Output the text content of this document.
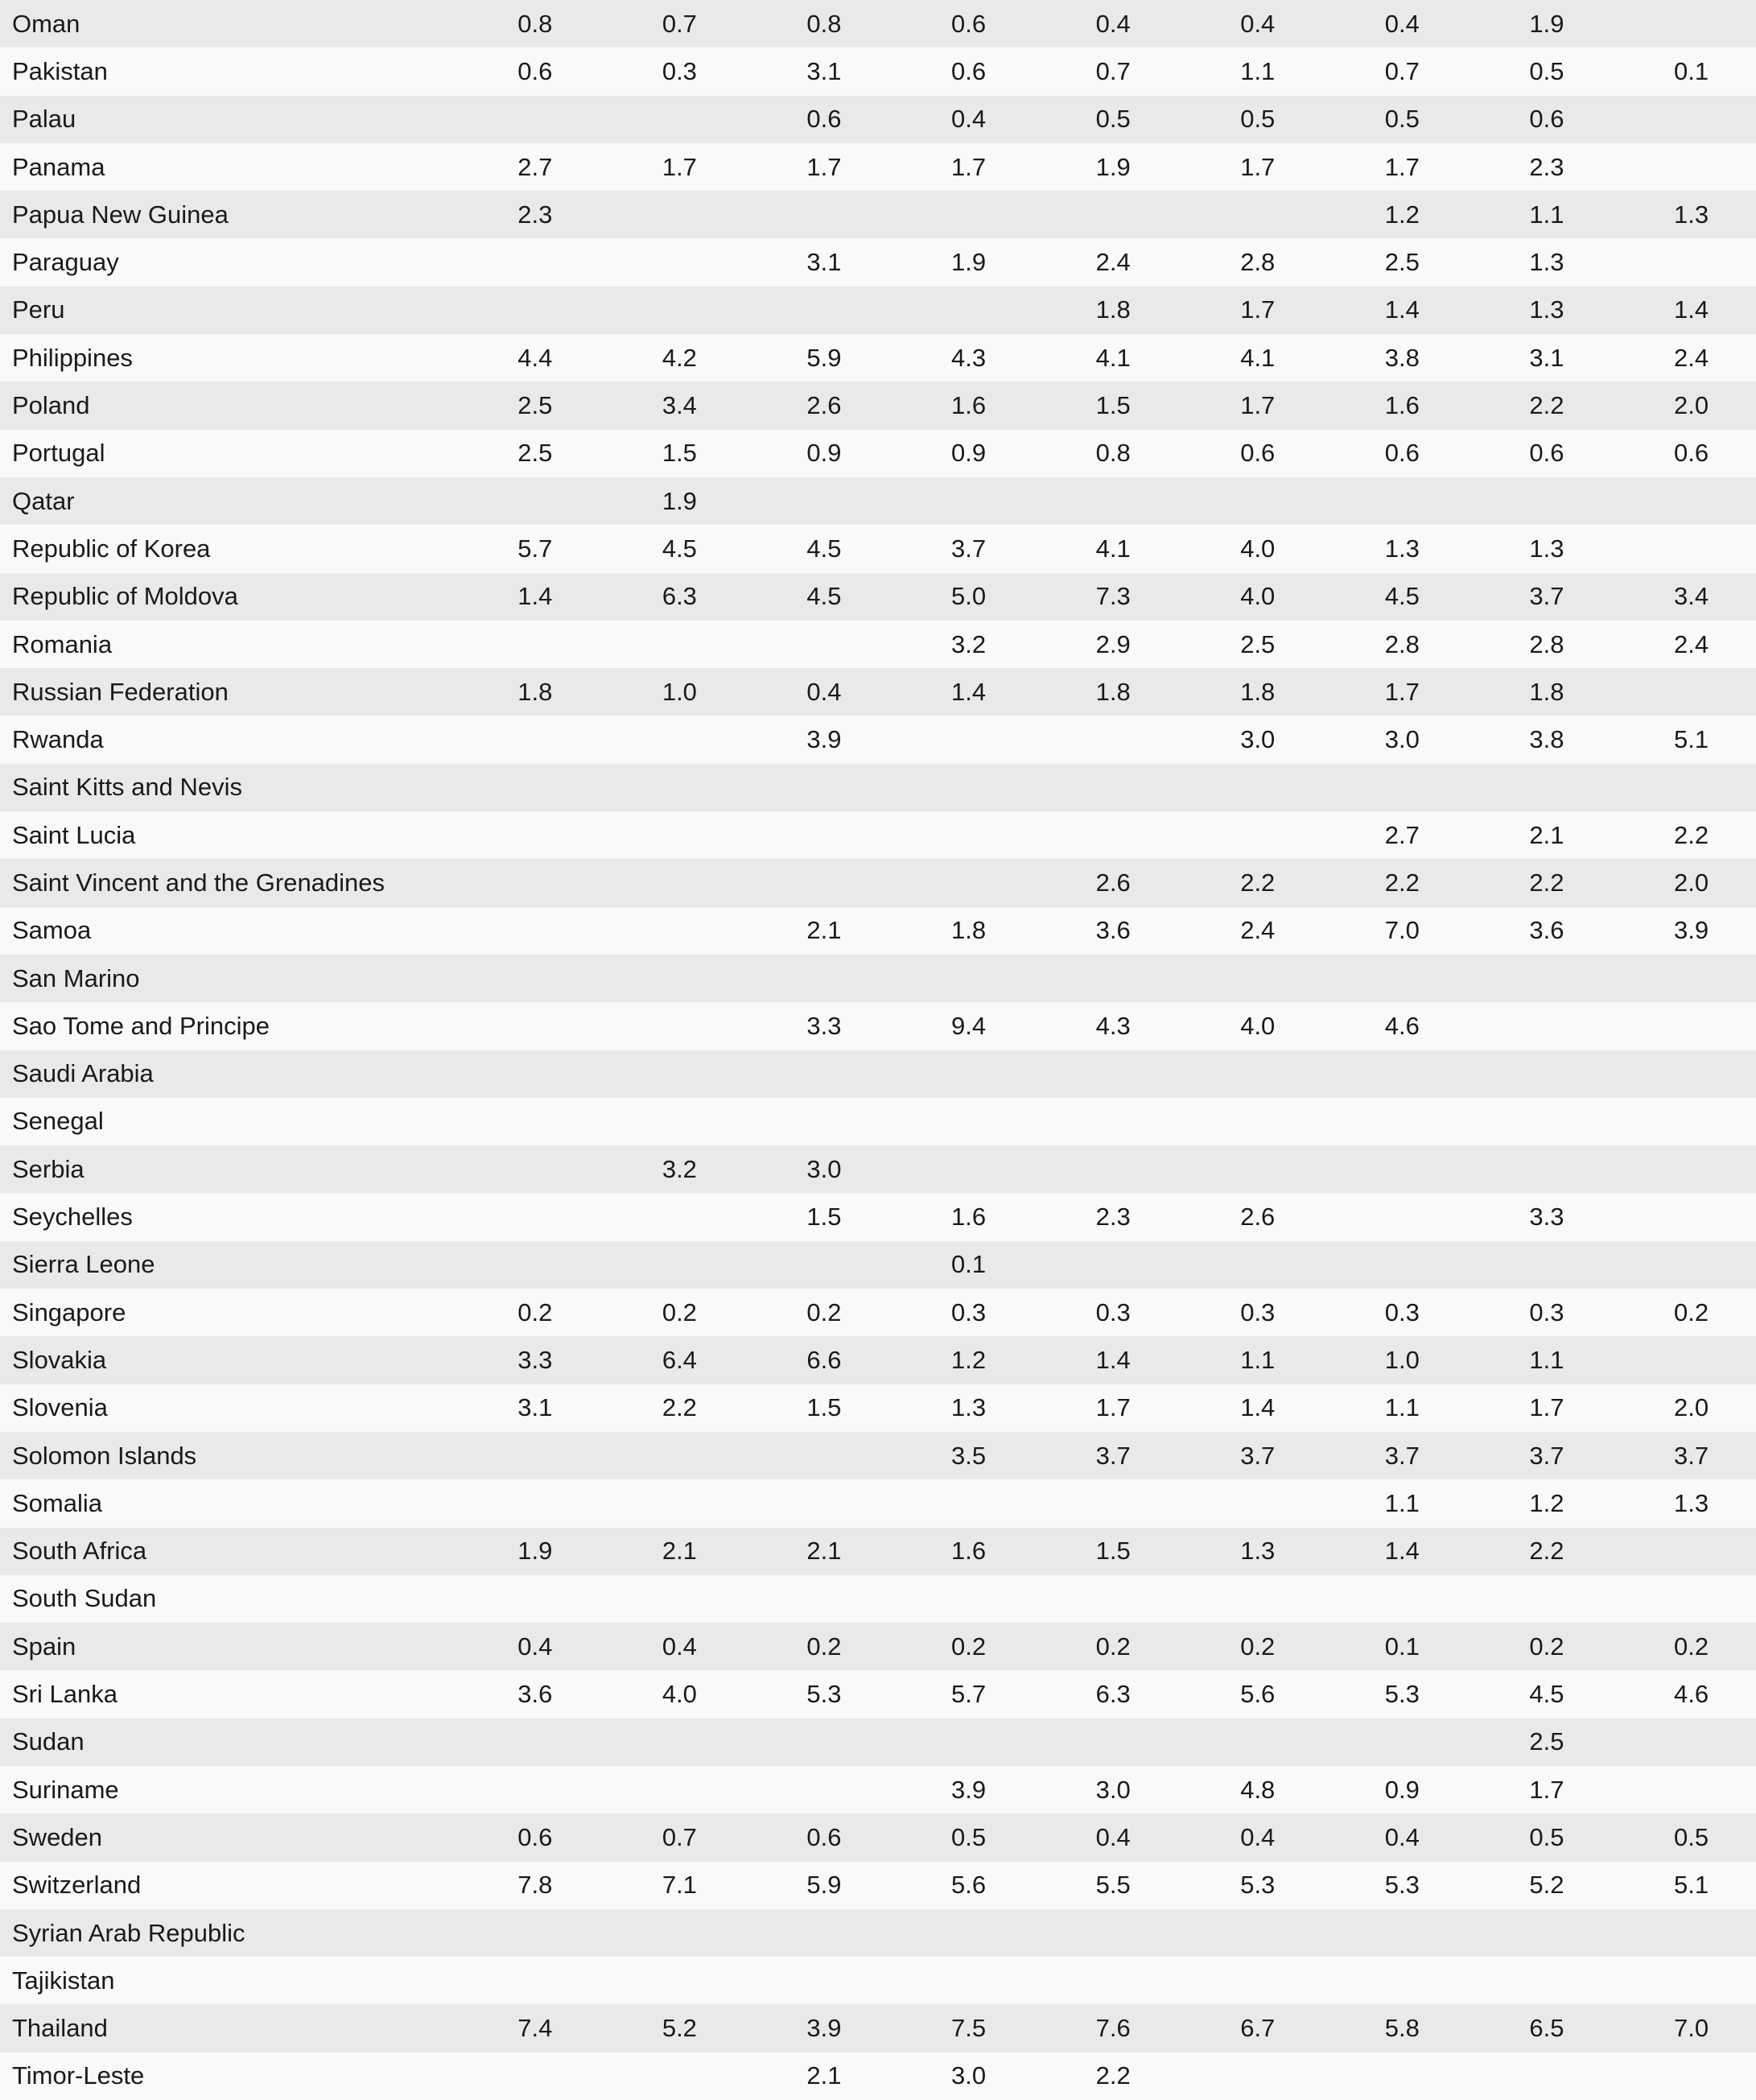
Oman	0.8	0.7	0.8	0.6	0.4	0.4	0.4	1.9	
Pakistan	0.6	0.3	3.1	0.6	0.7	1.1	0.7	0.5	0.1
Palau			0.6	0.4	0.5	0.5	0.5	0.6	
Panama	2.7	1.7	1.7	1.7	1.9	1.7	1.7	2.3	
Papua New Guinea	2.3						1.2	1.1	1.3
Paraguay			3.1	1.9	2.4	2.8	2.5	1.3	
Peru					1.8	1.7	1.4	1.3	1.4
Philippines	4.4	4.2	5.9	4.3	4.1	4.1	3.8	3.1	2.4
Poland	2.5	3.4	2.6	1.6	1.5	1.7	1.6	2.2	2.0
Portugal	2.5	1.5	0.9	0.9	0.8	0.6	0.6	0.6	0.6
Qatar		1.9							
Republic of Korea	5.7	4.5	4.5	3.7	4.1	4.0	1.3	1.3	
Republic of Moldova	1.4	6.3	4.5	5.0	7.3	4.0	4.5	3.7	3.4
Romania				3.2	2.9	2.5	2.8	2.8	2.4
Russian Federation	1.8	1.0	0.4	1.4	1.8	1.8	1.7	1.8	
Rwanda			3.9			3.0	3.0	3.8	5.1
Saint Kitts and Nevis									
Saint Lucia							2.7	2.1	2.2
Saint Vincent and the Grenadines					2.6	2.2	2.2	2.2	2.0
Samoa			2.1	1.8	3.6	2.4	7.0	3.6	3.9
San Marino									
Sao Tome and Principe			3.3	9.4	4.3	4.0	4.6		
Saudi Arabia									
Senegal									
Serbia		3.2	3.0						
Seychelles			1.5	1.6	2.3	2.6		3.3	
Sierra Leone				0.1					
Singapore	0.2	0.2	0.2	0.3	0.3	0.3	0.3	0.3	0.2
Slovakia	3.3	6.4	6.6	1.2	1.4	1.1	1.0	1.1	
Slovenia	3.1	2.2	1.5	1.3	1.7	1.4	1.1	1.7	2.0
Solomon Islands				3.5	3.7	3.7	3.7	3.7	3.7
Somalia							1.1	1.2	1.3
South Africa	1.9	2.1	2.1	1.6	1.5	1.3	1.4	2.2	
South Sudan									
Spain	0.4	0.4	0.2	0.2	0.2	0.2	0.1	0.2	0.2
Sri Lanka	3.6	4.0	5.3	5.7	6.3	5.6	5.3	4.5	4.6
Sudan								2.5	
Suriname				3.9	3.0	4.8	0.9	1.7	
Sweden	0.6	0.7	0.6	0.5	0.4	0.4	0.4	0.5	0.5
Switzerland	7.8	7.1	5.9	5.6	5.5	5.3	5.3	5.2	5.1
Syrian Arab Republic									
Tajikistan									
Thailand	7.4	5.2	3.9	7.5	7.6	6.7	5.8	6.5	7.0
Timor-Leste			2.1	3.0	2.2				
